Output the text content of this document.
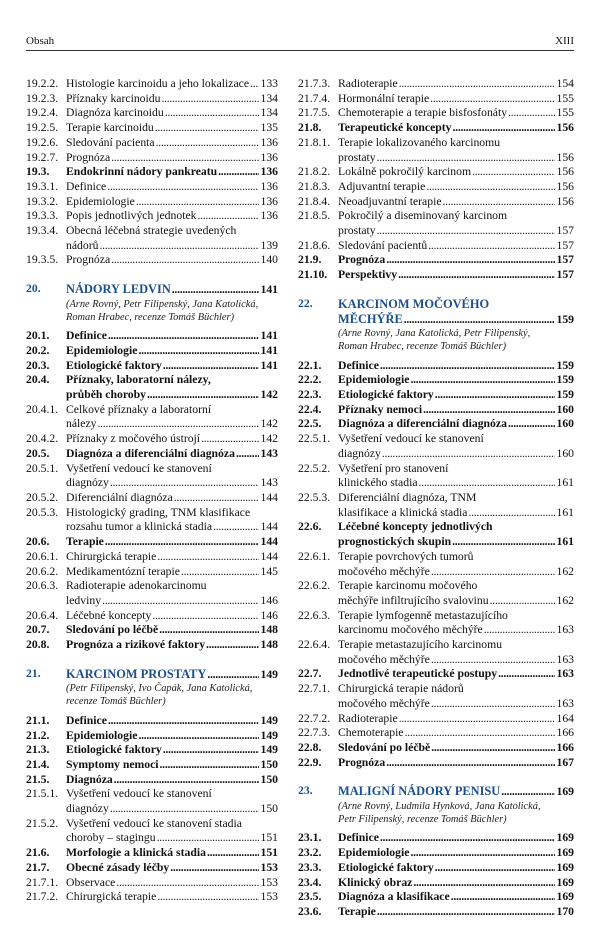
Obsah	XIII
19.2.2. Histologie karcinoidu a jeho lokalizace . . . 133
19.2.3. Příznaky karcinoidu . . .	134
19.2.4. Diagnóza karcinoidu . . .	134
19.2.5. Terapie karcinoidu . . .	135
19.2.6. Sledování pacienta . . .	136
19.2.7. Prognóza . . .	136
19.3. Endokrinní nádory pankreatu . . .	136
19.3.1. Definice . . .	136
19.3.2. Epidemiologie . . .	136
19.3.3. Popis jednotlivých jednotek . . .	136
19.3.4. Obecná léčebná strategie uvedených
nádorů . . .	139
19.3.5. Prognóza . . .	140
20. NÁDORY LEDVIN . . .	141
(Arne Rovný, Petr Filipenský, Jana Katolická,
Roman Hrabec, recenze Tomáš Büchler)
20.1. Definice . . .	141
20.2. Epidemiologie . . .	141
20.3. Etiologické faktory . . .	141
20.4. Příznaky, laboratorní nálezy,
průběh choroby . . .	142
20.4.1. Celkové příznaky a laboratorní
nálezy . . .	142
20.4.2. Příznaky z močového ústrojí . . .	142
20.5. Diagnóza a diferenciální diagnóza . . . 143
20.5.1. Vyšetření vedoucí ke stanovení
diagnózy . . .	143
20.5.2. Diferenciální diagnóza . . .	144
20.5.3. Histologický grading, TNM klasifikace
rozsahu tumor a klinická stadia . . .	144
20.6. Terapie . . .	144
20.6.1. Chirurgická terapie . . .	144
20.6.2. Medikamentózní terapie . . .	145
20.6.3. Radioterapie adenokarcinomu
ledviny . . .	146
20.6.4. Léčebné koncepty . . .	146
20.7. Sledování po léčbě . . .	148
20.8. Prognóza a rizikové faktory . . .	148
21. KARCINOM PROSTATY . . .	149
(Petr Filipenský, Ivo Čapák, Jana Katolická,
recenze Tomáš Büchler)
21.1. Definice . . .	149
21.2. Epidemiologie . . .	149
21.3. Etiologické faktory . . .	149
21.4. Symptomy nemoci . . .	150
21.5. Diagnóza . . .	150
21.5.1. Vyšetření vedoucí ke stanovení
diagnózy . . .	150
21.5.2. Vyšetření vedoucí ke stanovení stadia
choroby – stagingu . . .	151
21.6. Morfologie a klinická stadia . . .	151
21.7. Obecné zásady léčby . . .	153
21.7.1. Observace . . .	153
21.7.2. Chirurgická terapie . . .	153
21.7.3. Radioterapie . . .	154
21.7.4. Hormonální terapie . . .	155
21.7.5. Chemoterapie a terapie bisfosfonáty . . .	155
21.8. Terapeutické koncepty . . .	156
21.8.1. Terapie lokalizovaného karcinomu
prostaty . . .	156
21.8.2. Lokálně pokročilý karcinom . . .	156
21.8.3. Adjuvantní terapie . . .	156
21.8.4. Neoadjuvantní terapie . . .	156
21.8.5. Pokročilý a diseminovaný karcinom
prostaty . . .	157
21.8.6. Sledování pacientů . . .	157
21.9. Prognóza . . .	157
21.10. Perspektivy . . .	157
22. KARCINOM MOČOVÉHO
MĚCHÝŘE . . .	159
(Arne Rovný, Jana Katolická, Petr Filipenský,
Roman Hrabec, recenze Tomáš Büchler)
22.1. Definice . . .	159
22.2. Epidemiologie . . .	159
22.3. Etiologické faktory . . .	159
22.4. Příznaky nemoci . . .	160
22.5. Diagnóza a diferenciální diagnóza . . .	160
22.5.1. Vyšetření vedoucí ke stanovení
diagnózy . . .	160
22.5.2. Vyšetření pro stanovení
klinického stadia . . .	161
22.5.3. Diferenciální diagnóza, TNM
klasifikace a klinická stadia . . .	161
22.6. Léčebné koncepty jednotlivých
prognostických skupin . . .	161
22.6.1. Terapie povrchových tumorů
močového měchýře . . .	162
22.6.2. Terapie karcinomu močového
měchýře infiltrujícího svalovinu . . .	162
22.6.3. Terapie lymfogenně metastazujícího
karcinomu močového měchýře . . .	163
22.6.4. Terapie metastazujícího karcinomu
močového měchýře . . .	163
22.7. Jednotlivé terapeutické postupy . . .	163
22.7.1. Chirurgická terapie nádorů
močového měchýře . . .	163
22.7.2. Radioterapie . . .	164
22.7.3. Chemoterapie . . .	166
22.8. Sledování po léčbě . . .	166
22.9. Prognóza . . .	167
23. MALIGNÍ NÁDORY PENISU . . .	169
(Arne Rovný, Ludmila Hynková, Jana Katolická,
Petr Filipenský, recenze Tomáš Büchler)
23.1. Definice . . .	169
23.2. Epidemiologie . . .	169
23.3. Etiologické faktory . . .	169
23.4. Klinický obraz . . .	169
23.5. Diagnóza a klasifikace . . .	169
23.6. Terapie . . .	170
